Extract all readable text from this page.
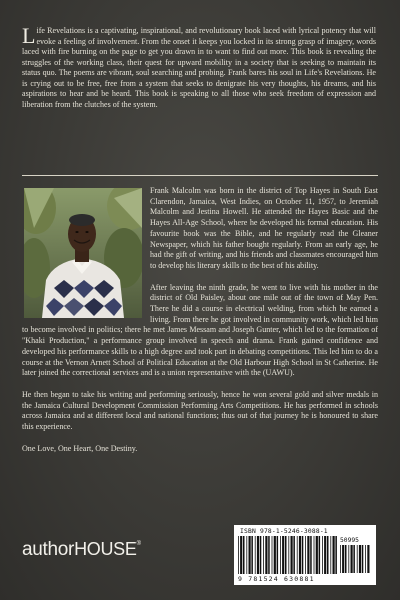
Life Revelations is a captivating, inspirational, and revolutionary book laced with lyrical potency that will evoke a feeling of involvement. From the onset it keeps you locked in its strong grasp of imagery, words laced with fire burning on the page to get you drawn in to want to find out more. This book is revealing the struggles of the working class, their quest for upward mobility in a society that is seeking to maintain its status quo. The poems are vibrant, soul searching and probing. Frank bares his soul in Life's Revelations. He is crying out to be free, free from a system that seeks to denigrate his very thoughts, his dreams, and his aspirations to hear and be heard. This book is speaking to all those who seek freedom of expression and liberation from the clutches of the system.

Frank Malcolm was born in the district of Top Hayes in South East Clarendon, Jamaica, West Indies, on October 11, 1957, to Jeremiah Malcolm and Jestina Howell. He attended the Hayes Basic and the Hayes All-Age School, where he developed his formal education. His favourite book was the Bible, and he regularly read the Gleaner Newspaper, which his father bought regularly. From an early age, he had the gift of writing, and his friends and classmates encouraged him to develop his literary skills to the best of his ability.

After leaving the ninth grade, he went to live with his mother in the district of Old Paisley, about one mile out of the town of May Pen. There he did a course in electrical welding, from which he earned a living. From there he got involved in community work, which led him to become involved in politics; there he met James Messam and Joseph Gunter, which led to the formation of "Khaki Production," a performance group involved in speech and drama. Frank gained confidence and developed his performance skills to a high degree and took part in debating competitions. This led him to do a course at the Vernon Arnett School of Political Education at the Old Harbour High School in St Catherine. He later joined the correctional services and is a union representative with the (UAWU).

He then began to take his writing and performing seriously, hence he won several gold and silver medals in the Jamaica Cultural Development Commission Performing Arts Competitions. He has performed in schools across Jamaica and at different local and national functions; thus out of that journey he is honoured to share this experience.

One Love, One Heart, One Destiny.

authorHOUSE®
ISBN 978-1-5246-3088-1
50995
9 781524 630881
